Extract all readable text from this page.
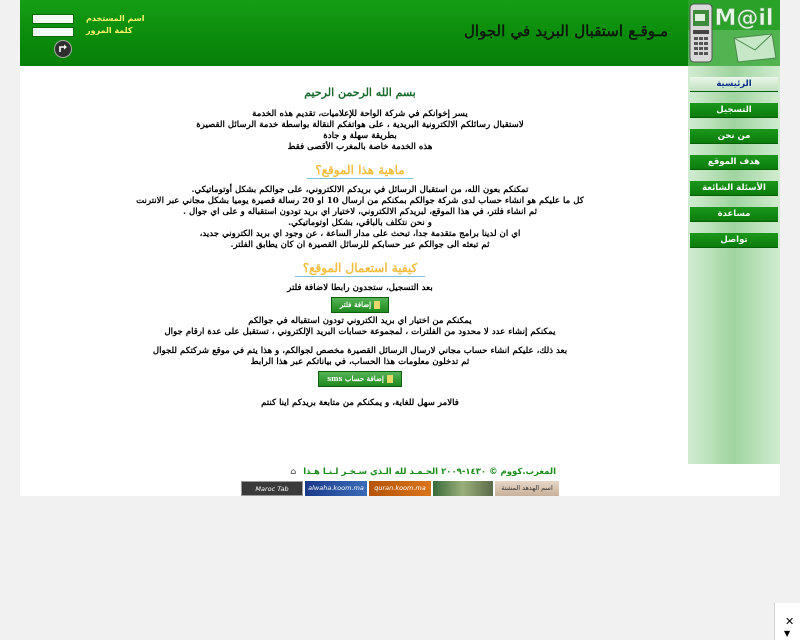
اسم المستخدم
كلمة المرور	مـوقـع استقبال البريد في الجوال M@il
الرئيسية
التسجيل
من نحن
هدف الموقع
الأسئلة الشائعة
مساعدة
تواصل
بسم الله الرحمن الرحيم
يسر إخوانكم في شركة الواحة للإعلاميات، تقديم هذه الخدمة
لاستقبال رسائلكم الالكترونية البريدية ، على هواتفكم النقالة بواسطة خدمة الرسائل القصيرة
بطريقة سهلة و جادة
هذه الخدمة خاصة بالمغرب الأقصى فقط
ماهية هذا الموقع؟
تمكنكم بعون الله، من استقبال الرسائل في بريدكم الالكتروني، على جوالكم بشكل أوتوماتيكي.
كل ما عليكم هو انشاء حساب لدى شركة جوالكم بمكنكم من ارسال 10 او 20 رسالة قصيرة يوميا بشكل مجاني عبر الانترنت
ثم انشاء فلتر، في هذا الموقع، لبريدكم الالكتروني، لاختيار اي بريد تودون استقباله و على اي جوال .
و نحن نتكلف بالباقي، بشكل اوتوماتيكي.
اي ان لدينا برامج متقدمة جدا، تبحث على مدار الساعة ، عن وجود اي بريد الكتروني جديد،
ثم تبعثه الى جوالكم عبر حسابكم للرسائل القصيرة ان كان يطابق الفلتر.
كيفية استعمال الموقع؟
بعد التسجيل، ستجدون رابطا لاضافة فلتر
إضافة فلتر
يمكنكم من اختيار اي بريد الكتروني تودون استقباله في جوالكم
يمكنكم إنشاء عدد لا محدود من الفلترات ، لمجموعة حسابات البريد الإلكتروني ، تستقبل على عدة ارقام جوال
بعد ذلك، عليكم انشاء حساب مجاني لارسال الرسائل القصيرة مخصص لجوالكم، و هذا يتم في موقع شركتكم للجوال
ثم تدخلون معلومات هذا الحساب، في بياناتكم عبر هذا الرابط
إضافة حساب sms
فالامر سهل للغاية، و يمكنكم من متابعة بريدكم اينا كنتم
المغرب.كووم © ١٤٣٠-٢٠٠٩ الحـمـد لله الـذي سـخـر لـنـا هـذا ⌂
Maroc Tab	alwaha.koom.ma	quran.koom.ma	اسم الهدهد المشتة
✕
▼
